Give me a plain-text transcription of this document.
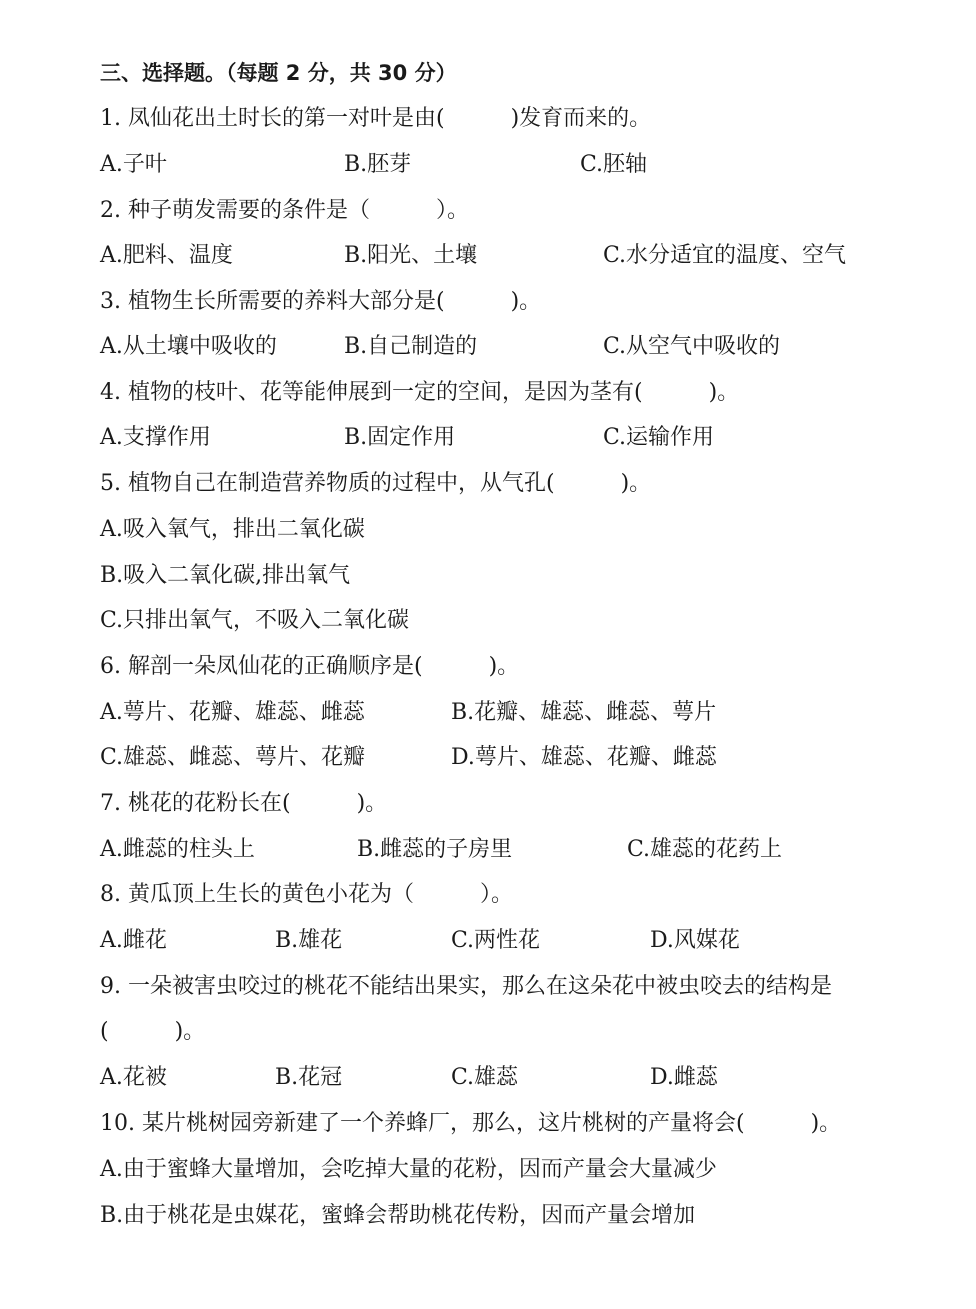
三、选择题。（每题 2 分，共 30 分）
1. 凤仙花出土时长的第一对叶是由(　　　)发育而来的。
A.子叶	B.胚芽	C.胚轴
2. 种子萌发需要的条件是（　　　）。
A.肥料、温度	B.阳光、土壤	C.水分适宜的温度、空气
3. 植物生长所需要的养料大部分是(　　　)。
A.从土壤中吸收的	B.自己制造的	C.从空气中吸收的
4. 植物的枝叶、花等能伸展到一定的空间，是因为茎有(　　　)。
A.支撑作用	B.固定作用	C.运输作用
5. 植物自己在制造营养物质的过程中，从气孔(　　　)。
A.吸入氧气，排出二氧化碳
B.吸入二氧化碳,排出氧气
C.只排出氧气，不吸入二氧化碳
6. 解剖一朵凤仙花的正确顺序是(　　　)。
A.萼片、花瓣、雄蕊、雌蕊	B.花瓣、雄蕊、雌蕊、萼片
C.雄蕊、雌蕊、萼片、花瓣	D.萼片、雄蕊、花瓣、雌蕊
7. 桃花的花粉长在(　　　)。
A.雌蕊的柱头上	B.雌蕊的子房里	C.雄蕊的花药上
8. 黄瓜顶上生长的黄色小花为（　　　）。
A.雌花	B.雄花	C.两性花	D.风媒花
9. 一朵被害虫咬过的桃花不能结出果实，那么在这朵花中被虫咬去的结构是
(　　　)。
A.花被	B.花冠	C.雄蕊	D.雌蕊
10. 某片桃树园旁新建了一个养蜂厂，那么，这片桃树的产量将会(　　　)。
A.由于蜜蜂大量增加，会吃掉大量的花粉，因而产量会大量减少
B.由于桃花是虫媒花，蜜蜂会帮助桃花传粉，因而产量会增加
